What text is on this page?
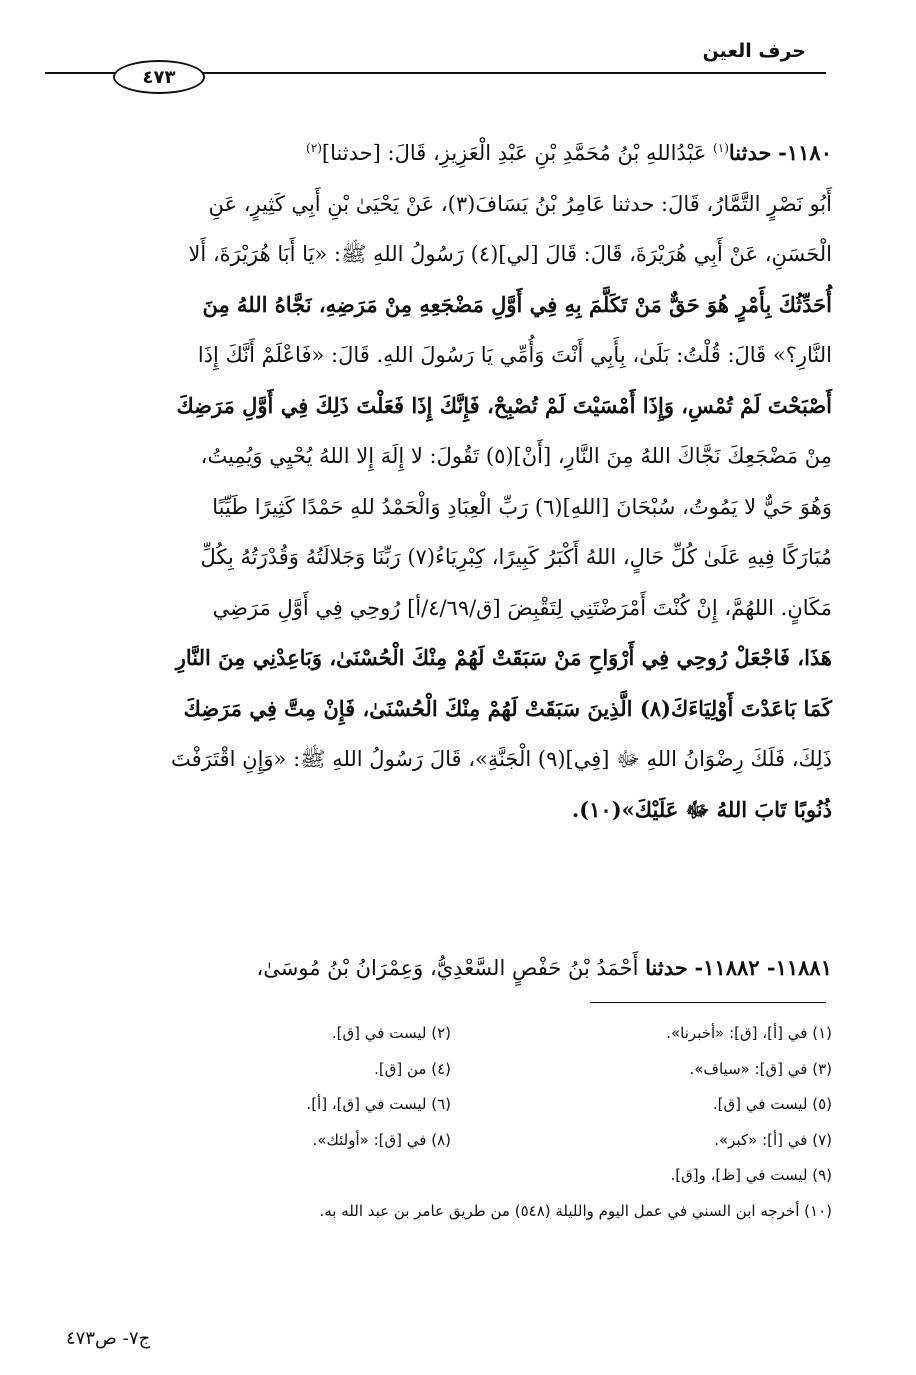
حرف العين
٤٧٣

١١٨٠- حدثنا$^{(١)}$ عَبْدُاللهِ بْنُ مُحَمَّدِ بْنِ عَبْدِ الْعَزِيزِ، قَالَ: [حدثنا]$^{(٢)}$

أَبُو نَصْرٍ التَّمَّارُ، قَالَ: حدثنا عَامِرُ بْنُ يَسَافَ(٣)، عَنْ يَحْيَىٰ بْنِ أَبِي كَثِيرٍ، عَنِ

الْحَسَنِ، عَنْ أَبِي هُرَيْرَةَ، قَالَ: قَالَ [لي](٤) رَسُولُ اللهِ ﷺ: «يَا أَبَا هُرَيْرَةَ، أَلا

أُحَدِّثُكَ بِأَمْرٍ هُوَ حَقٌّ مَنْ تَكَلَّمَ بِهِ فِي أَوَّلِ مَضْجَعِهِ مِنْ مَرَضِهِ، نَجَّاهُ اللهُ مِنَ

النَّارِ؟» قَالَ: قُلْتُ: بَلَىٰ، بِأَبِي أَنْتَ وَأُمِّي يَا رَسُولَ اللهِ. قَالَ: «فَاعْلَمْ أَنَّكَ إِذَا

أَصْبَحْتَ لَمْ تُمْسِ، وَإِذَا أَمْسَيْتَ لَمْ تُصْبِحْ، فَإِنَّكَ إِذَا فَعَلْتَ ذَلِكَ فِي أَوَّلِ مَرَضِكَ

مِنْ مَضْجَعِكَ نَجَّاكَ اللهُ مِنَ النَّارِ، [أَنْ](٥) تَقُولَ: لا إِلَهَ إِلا اللهُ يُحْيِي وَيُمِيتُ،

وَهُوَ حَيٌّ لا يَمُوتُ، سُبْحَانَ [اللهِ](٦) رَبِّ الْعِبَادِ وَالْحَمْدُ للهِ حَمْدًا كَثِيرًا طَيِّبًا

مُبَارَكًا فِيهِ عَلَىٰ كُلِّ حَالٍ، اللهُ أَكْبَرُ كَبِيرًا، كِبْرِيَاءُ(٧) رَبِّنَا وَجَلالَتُهُ وَقُدْرَتُهُ بِكُلِّ

مَكَانٍ. اللهُمَّ، إِنْ كُنْتَ أَمْرَضْتَنِي لِتَقْبِضَ [ق/٤/٦٩/أ] رُوحِي فِي أَوَّلِ مَرَضِي

هَذَا، فَاجْعَلْ رُوحِي فِي أَرْوَاحِ مَنْ سَبَقَتْ لَهُمْ مِنْكَ الْحُسْنَىٰ، وَبَاعِدْنِي مِنَ النَّارِ

كَمَا بَاعَدْتَ أَوْلِيَاءَكَ(٨) الَّذِينَ سَبَقَتْ لَهُمْ مِنْكَ الْحُسْنَىٰ، فَإِنْ مِتَّ فِي مَرَضِكَ

ذَلِكَ، فَلَكَ رِضْوَانُ اللهِ ﷻ [فِي](٩) الْجَنَّةِ»، قَالَ رَسُولُ اللهِ ﷺ: «وَإِنِ اقْتَرَفْتَ

ذُنُوبًا تَابَ اللهُ ﷻ عَلَيْكَ»(١٠).

١١٨٨١- ١١٨٨٢- حدثنا أَحْمَدُ بْنُ حَفْصٍ السَّعْدِيُّ، وَعِمْرَانُ بْنُ مُوسَىٰ،
(١) في [أ]، [ق]: «أخبرنا».
(٢) ليست في [ق].
(٣) في [ق]: «سياف».
(٤) من [ق].
(٥) ليست في [ق].
(٦) ليست في [ق]، [أ].
(٧) في [أ]: «كبر».
(٨) في [ق]: «أولئك».
(٩) ليست في [ظ]، و[ق].
(١٠) أخرجه ابن السني في عمل اليوم والليلة (٥٤٨) من طريق عامر بن عبد الله به.
ج٧- ص٤٧٣
